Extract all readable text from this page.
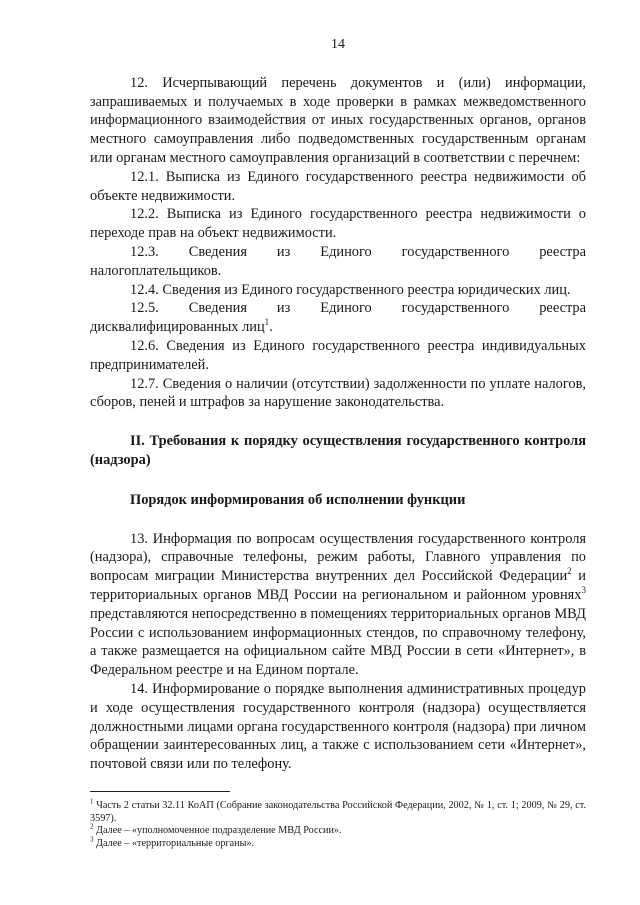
14

12. Исчерпывающий перечень документов и (или) информации, запрашиваемых и получаемых в ходе проверки в рамках межведомственного информационного взаимодействия от иных государственных органов, органов местного самоуправления либо подведомственных государственным органам или органам местного самоуправления организаций в соответствии с перечнем:

12.1. Выписка из Единого государственного реестра недвижимости об объекте недвижимости.

12.2. Выписка из Единого государственного реестра недвижимости о переходе прав на объект недвижимости.

12.3. Сведения из Единого государственного реестра налогоплательщиков.

12.4. Сведения из Единого государственного реестра юридических лиц.

12.5. Сведения из Единого государственного реестра дисквалифицированных лиц$^1$.

12.6. Сведения из Единого государственного реестра индивидуальных предпринимателей.

12.7. Сведения о наличии (отсутствии) задолженности по уплате налогов, сборов, пеней и штрафов за нарушение законодательства.

II. Требования к порядку осуществления государственного контроля (надзора)
Порядок информирования об исполнении функции

13. Информация по вопросам осуществления государственного контроля (надзора), справочные телефоны, режим работы, Главного управления по вопросам миграции Министерства внутренних дел Российской Федерации$^2$ и территориальных органов МВД России на региональном и районном уровнях$^3$ представляются непосредственно в помещениях территориальных органов МВД России с использованием информационных стендов, по справочному телефону, а также размещается на официальном сайте МВД России в сети «Интернет», в Федеральном реестре и на Едином портале.

14. Информирование о порядке выполнения административных процедур и ходе осуществления государственного контроля (надзора) осуществляется должностными лицами органа государственного контроля (надзора) при личном обращении заинтересованных лиц, а также с использованием сети «Интернет», почтовой связи или по телефону.

$^1$ Часть 2 статьи 32.11 КоАП (Собрание законодательства Российской Федерации, 2002, № 1, ст. 1; 2009, № 29, ст. 3597).

$^2$ Далее – «уполномоченное подразделение МВД России».

$^3$ Далее – «территориальные органы».
